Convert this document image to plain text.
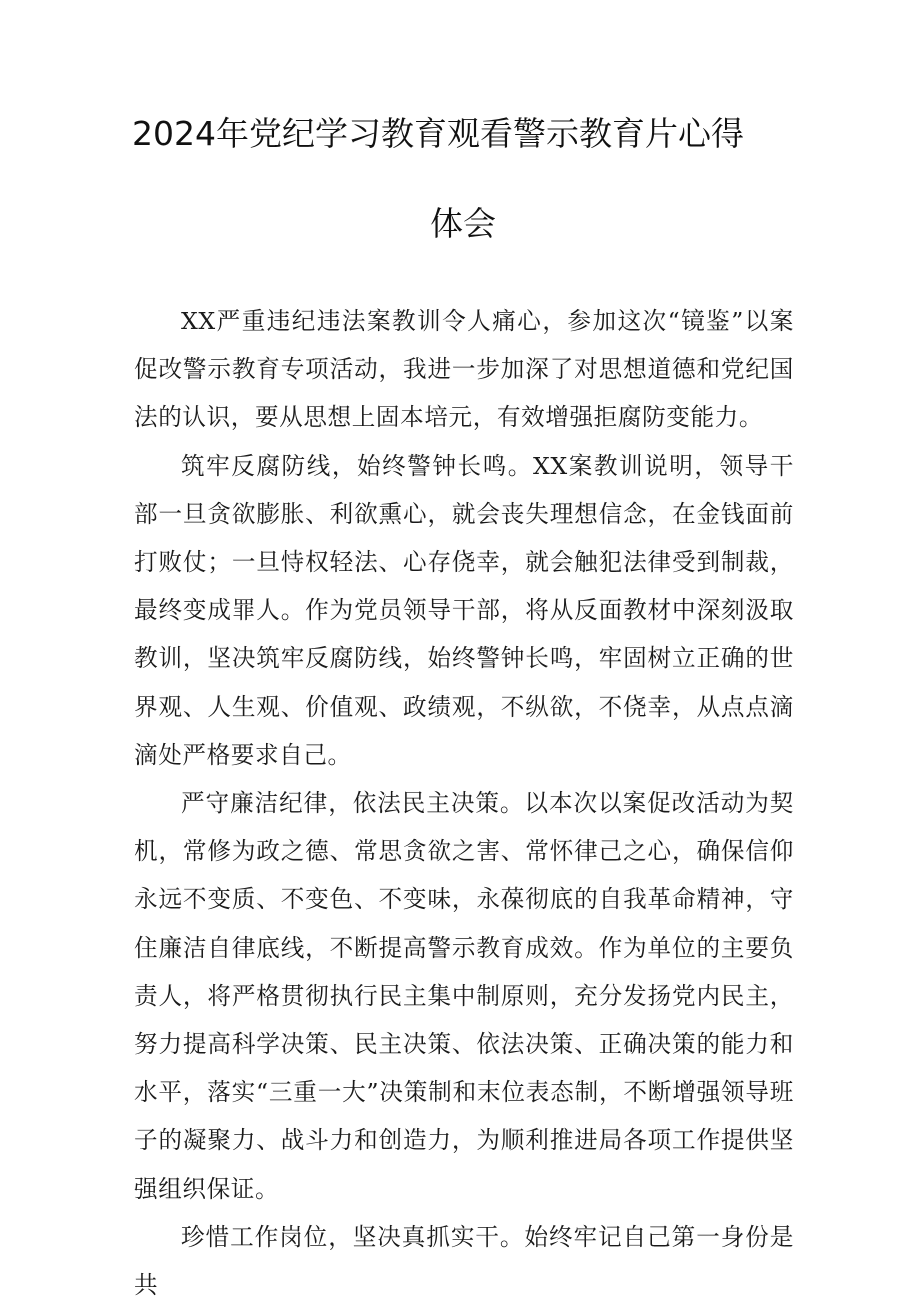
2024年党纪学习教育观看警示教育片心得
体会

XX严重违纪违法案教训令人痛心，参加这次“镜鉴”以案促改警示教育专项活动，我进一步加深了对思想道德和党纪国法的认识，要从思想上固本培元，有效增强拒腐防变能力。

筑牢反腐防线，始终警钟长鸣。XX案教训说明，领导干部一旦贪欲膨胀、利欲熏心，就会丧失理想信念，在金钱面前打败仗；一旦恃权轻法、心存侥幸，就会触犯法律受到制裁，最终变成罪人。作为党员领导干部，将从反面教材中深刻汲取教训，坚决筑牢反腐防线，始终警钟长鸣，牢固树立正确的世界观、人生观、价值观、政绩观，不纵欲，不侥幸，从点点滴滴处严格要求自己。

严守廉洁纪律，依法民主决策。以本次以案促改活动为契机，常修为政之德、常思贪欲之害、常怀律己之心，确保信仰永远不变质、不变色、不变味，永葆彻底的自我革命精神，守住廉洁自律底线，不断提高警示教育成效。作为单位的主要负责人，将严格贯彻执行民主集中制原则，充分发扬党内民主，努力提高科学决策、民主决策、依法决策、正确决策的能力和水平，落实“三重一大”决策制和末位表态制，不断增强领导班子的凝聚力、战斗力和创造力，为顺利推进局各项工作提供坚强组织保证。

珍惜工作岗位，坚决真抓实干。始终牢记自己第一身份是共
